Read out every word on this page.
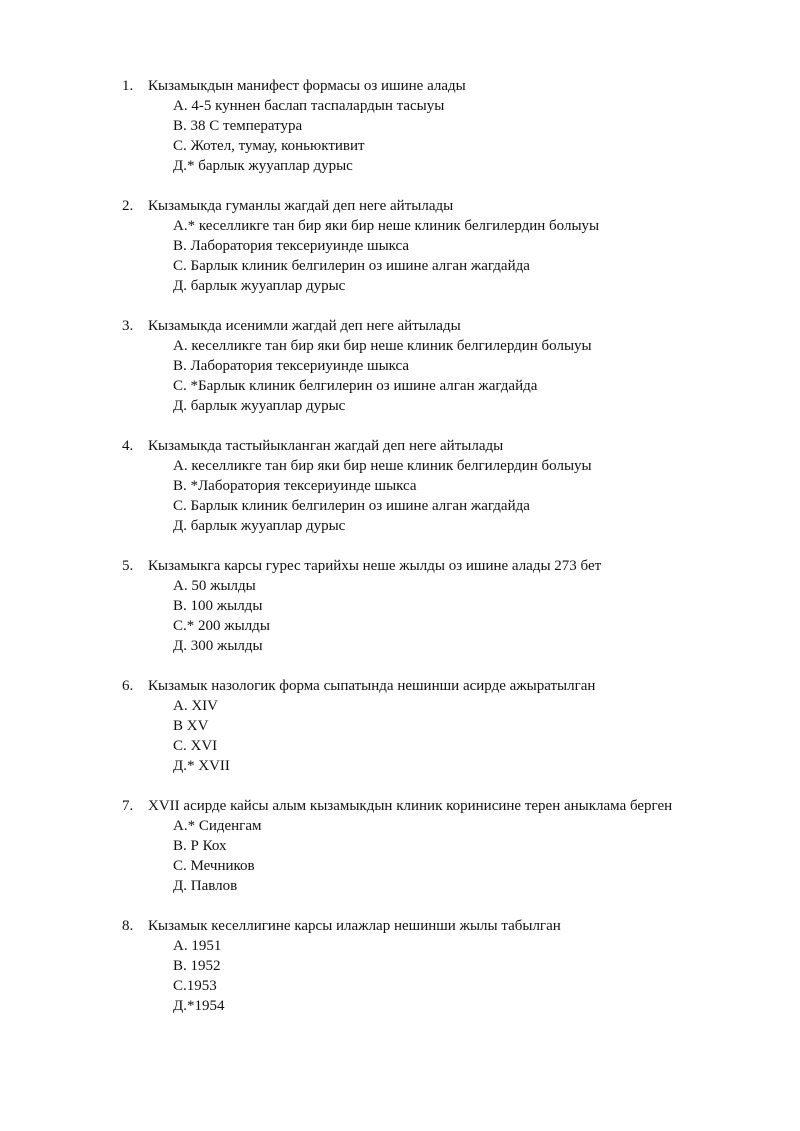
1. Кызамыкдын манифест формасы оз ишине алады
А. 4-5 куннен баслап таспалардын тасыуы
В. 38 С температура
С. Жотел, тумау, коньюктивит
Д.* барлык жууаплар дурыс
2. Кызамыкда гуманлы жагдай деп неге айтылады
А.* кеселликге тан бир яки бир неше клиник белгилердин болыуы
В. Лаборатория тексериуинде шыкса
С. Барлык клиник белгилерин оз ишине алган жагдайда
Д. барлык жууаплар дурыс
3. Кызамыкда исенимли жагдай деп неге айтылады
А. кеселликге тан бир яки бир неше клиник белгилердин болыуы
В. Лаборатория тексериуинде шыкса
С. *Барлык клиник белгилерин оз ишине алган жагдайда
Д. барлык жууаплар дурыс
4. Кызамыкда тастыйыкланган жагдай деп неге айтылады
А. кеселликге тан бир яки бир неше клиник белгилердин болыуы
В. *Лаборатория тексериуинде шыкса
С. Барлык клиник белгилерин оз ишине алган жагдайда
Д. барлык жууаплар дурыс
5. Кызамыкга карсы гурес тарийхы неше жылды оз ишине алады 273 бет
А. 50 жылды
В. 100 жылды
С.* 200 жылды
Д. 300 жылды
6. Кызамык назологик форма сыпатында нешинши асирде ажыратылган
А. XIV
В XV
С. XVI
Д.* XVII
7. XVII асирде кайсы алым кызамыкдын клиник коринисине терен аныклама берген
А.* Сиденгам
В. Р Кох
С. Мечников
Д. Павлов
8. Кызамык кеселлигине карсы илажлар нешинши жылы табылган
А. 1951
В. 1952
С.1953
Д.*1954
